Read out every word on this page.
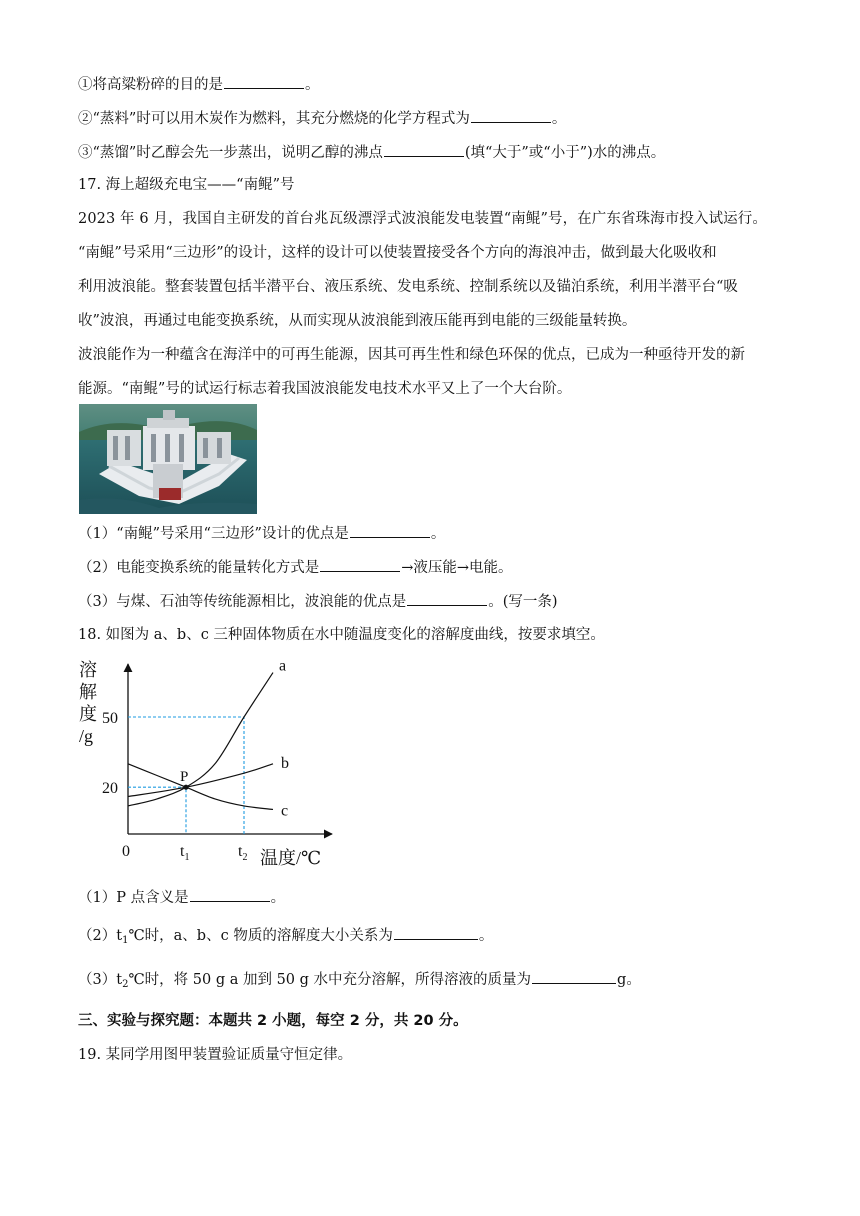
①将高粱粉碎的目的是	。
②“蒸料”时可以用木炭作为燃料，其充分燃烧的化学方程式为	。
③“蒸馏”时乙醇会先一步蒸出，说明乙醇的沸点	(填“大于”或“小于”)水的沸点。
17. 海上超级充电宝——“南鲲”号
2023 年 6 月，我国自主研发的首台兆瓦级漂浮式波浪能发电装置“南鲲”号，在广东省珠海市投入试运行。
“南鲲”号采用“三边形”的设计，这样的设计可以使装置接受各个方向的海浪冲击，做到最大化吸收和
利用波浪能。整套装置包括半潜平台、液压系统、发电系统、控制系统以及锚泊系统，利用半潜平台“吸
收”波浪，再通过电能变换系统，从而实现从波浪能到液压能再到电能的三级能量转换。
波浪能作为一种蕴含在海洋中的可再生能源，因其可再生性和绿色环保的优点，已成为一种亟待开发的新
能源。“南鲲”号的试运行标志着我国波浪能发电技术水平又上了一个大台阶。
（1）“南鲲”号采用“三边形”设计的优点是	。
（2）电能变换系统的能量转化方式是	→液压能→电能。
（3）与煤、石油等传统能源相比，波浪能的优点是	。(写一条)
18. 如图为 a、b、c 三种固体物质在水中随温度变化的溶解度曲线，按要求填空。
a
b
c
P
20
50
0	$t_1$	$t_2$
溶
解
度
/g
温度/℃
（1）P 点含义是	。
$(2)t_1℃$时，a、b、c 物质的溶解度大小关系为	。
$(3)t_2℃$时，将 50 g a 加到 50 g 水中充分溶解，所得溶液的质量为	g。
三、实验与探究题：本题共 2 小题，每空 2 分，共 20 分。
19. 某同学用图甲装置验证质量守恒定律。
